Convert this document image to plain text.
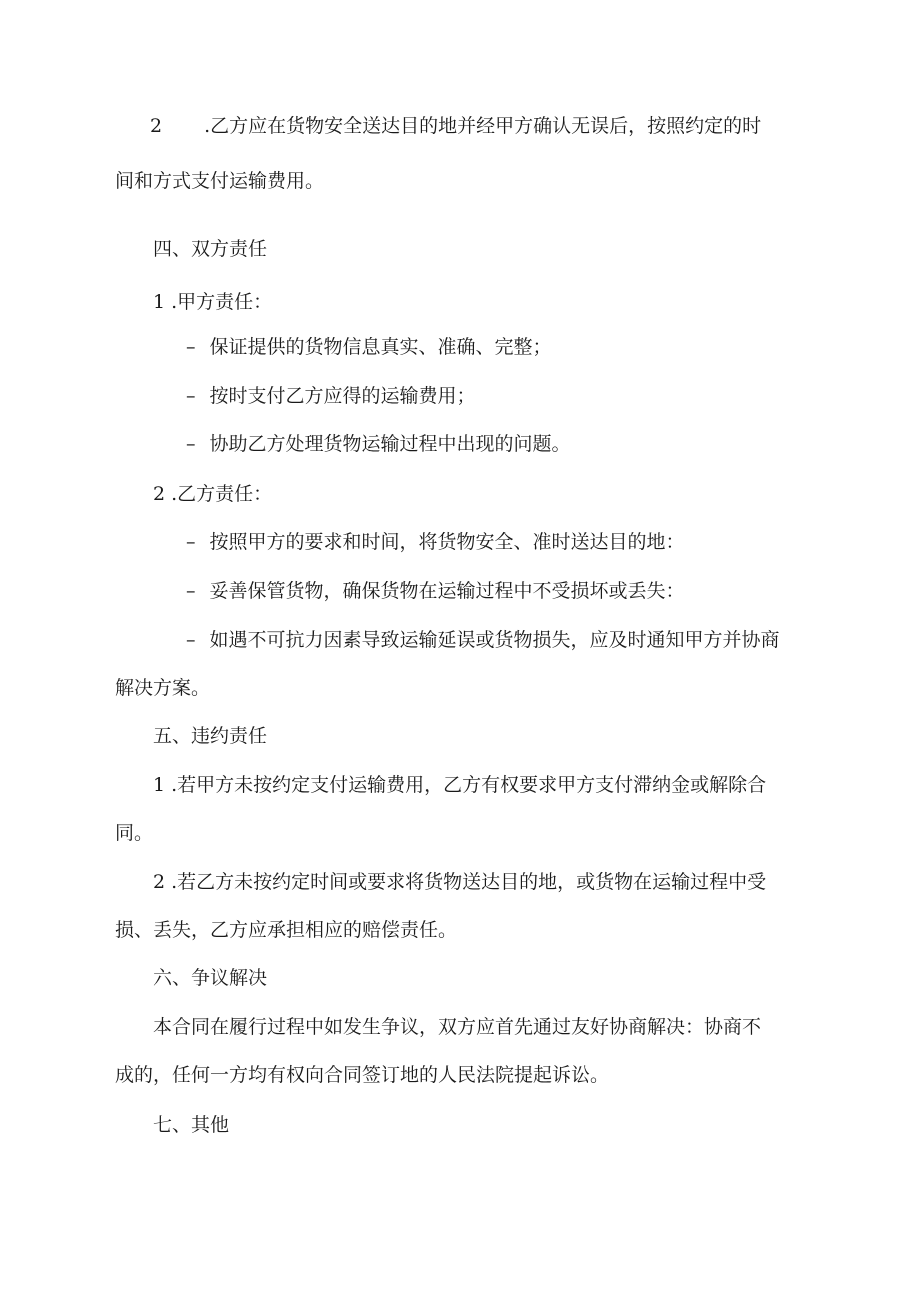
2 .乙方应在货物安全送达目的地并经甲方确认无误后，按照约定的时
间和方式支付运输费用。
四、双方责任
1 .甲方责任：
– 保证提供的货物信息真实、准确、完整；
– 按时支付乙方应得的运输费用；
– 协助乙方处理货物运输过程中出现的问题。
2 .乙方责任：
– 按照甲方的要求和时间，将货物安全、准时送达目的地：
– 妥善保管货物，确保货物在运输过程中不受损坏或丢失：
– 如遇不可抗力因素导致运输延误或货物损失，应及时通知甲方并协商
解决方案。
五、违约责任
1 .若甲方未按约定支付运输费用，乙方有权要求甲方支付滞纳金或解除合
同。
2 .若乙方未按约定时间或要求将货物送达目的地，或货物在运输过程中受
损、丢失，乙方应承担相应的赔偿责任。
六、争议解决
本合同在履行过程中如发生争议，双方应首先通过友好协商解决：协商不
成的，任何一方均有权向合同签订地的人民法院提起诉讼。
七、其他
